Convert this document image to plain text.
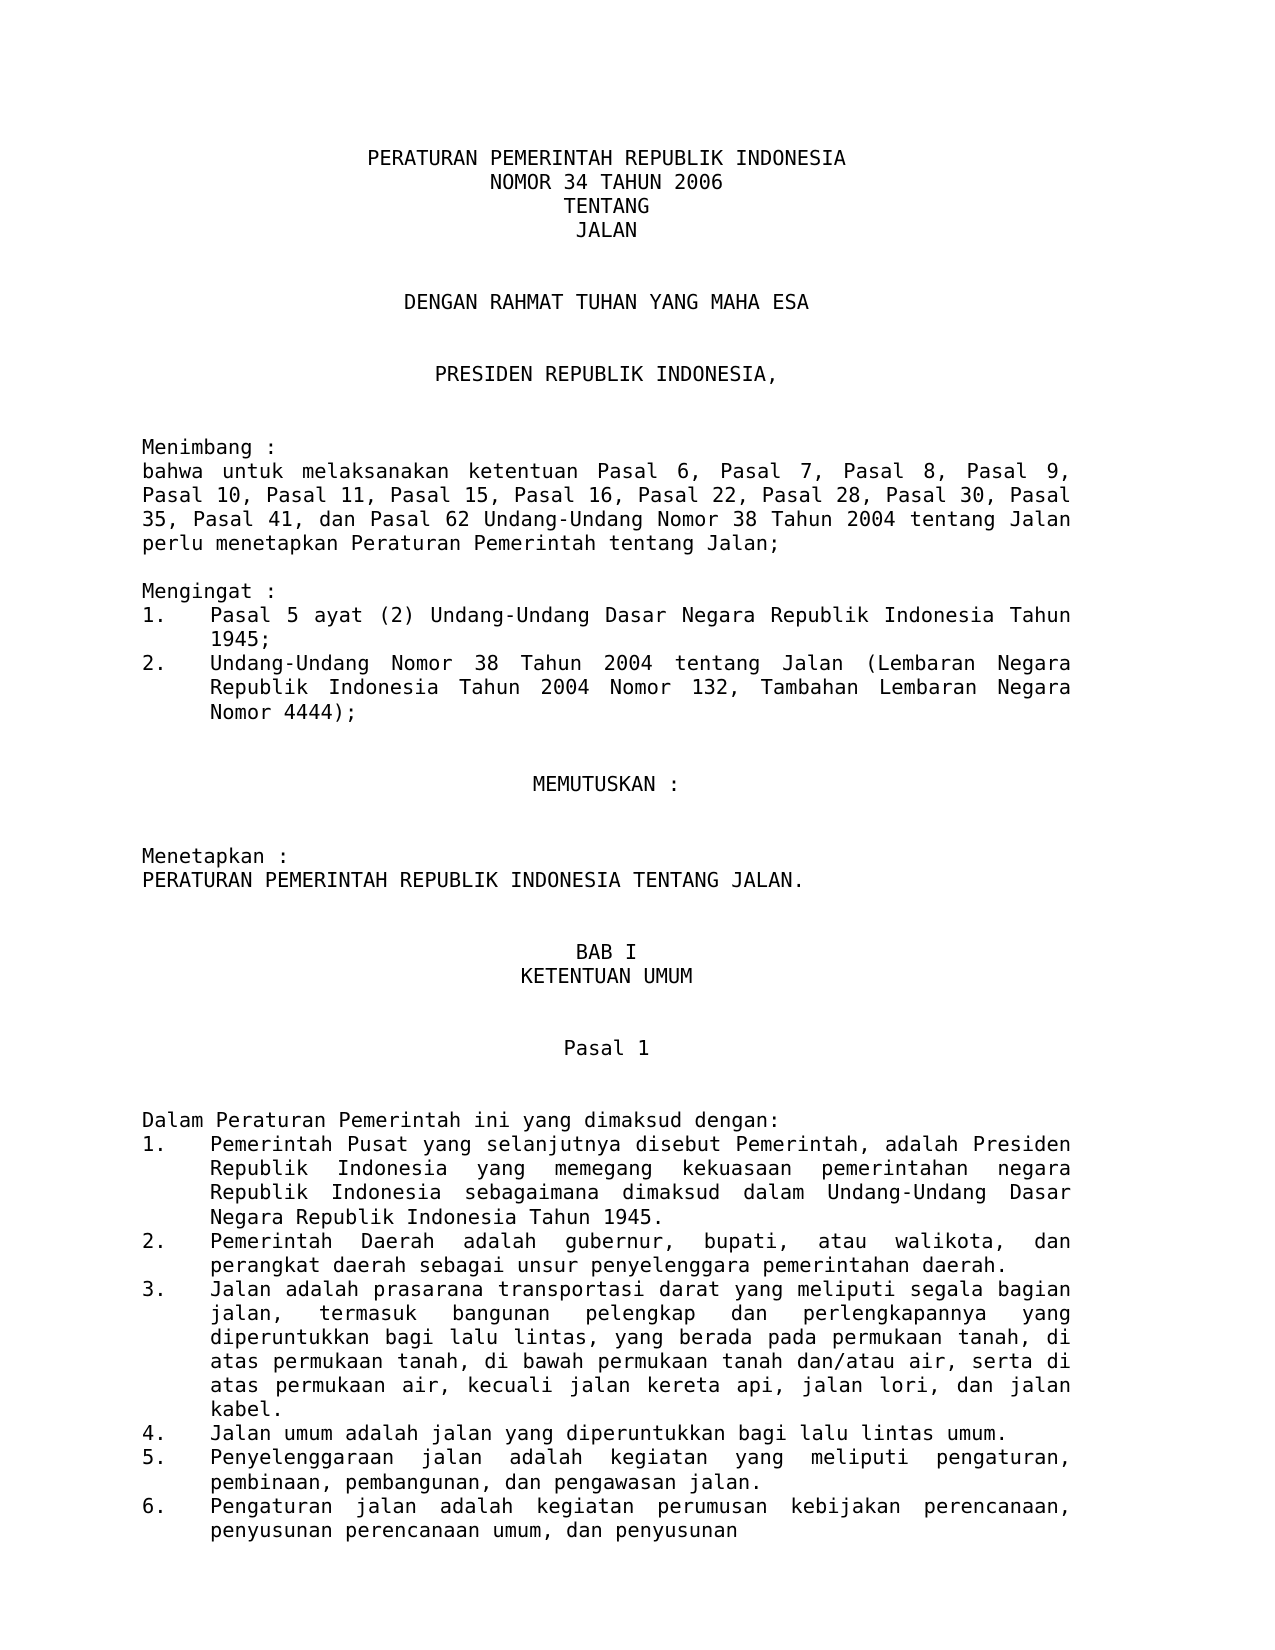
PERATURAN PEMERINTAH REPUBLIK INDONESIA
NOMOR 34 TAHUN 2006
TENTANG
JALAN
DENGAN RAHMAT TUHAN YANG MAHA ESA
PRESIDEN REPUBLIK INDONESIA,
Menimbang :

bahwa untuk melaksanakan ketentuan Pasal 6, Pasal 7, Pasal 8, Pasal 9, Pasal 10, Pasal 11, Pasal 15, Pasal 16, Pasal 22, Pasal 28, Pasal 30, Pasal 35, Pasal 41, dan Pasal 62 Undang-Undang Nomor 38 Tahun 2004 tentang Jalan perlu menetapkan Peraturan Pemerintah tentang Jalan;

Mengingat :
1.	Pasal 5 ayat (2) Undang-Undang Dasar Negara Republik Indonesia Tahun 1945;
2.	Undang-Undang Nomor 38 Tahun 2004 tentang Jalan (Lembaran Negara Republik Indonesia Tahun 2004 Nomor 132, Tambahan Lembaran Negara Nomor 4444);
MEMUTUSKAN :
Menetapkan :
PERATURAN PEMERINTAH REPUBLIK INDONESIA TENTANG JALAN.
BAB I
KETENTUAN UMUM
Pasal 1
Dalam Peraturan Pemerintah ini yang dimaksud dengan:
1.	Pemerintah Pusat yang selanjutnya disebut Pemerintah, adalah Presiden Republik Indonesia yang memegang kekuasaan pemerintahan negara Republik Indonesia sebagaimana dimaksud dalam Undang-Undang Dasar Negara Republik Indonesia Tahun 1945.
2.	Pemerintah Daerah adalah gubernur, bupati, atau walikota, dan perangkat daerah sebagai unsur penyelenggara pemerintahan daerah.
3.	Jalan adalah prasarana transportasi darat yang meliputi segala bagian jalan, termasuk bangunan pelengkap dan perlengkapannya yang diperuntukkan bagi lalu lintas, yang berada pada permukaan tanah, di atas permukaan tanah, di bawah permukaan tanah dan/atau air, serta di atas permukaan air, kecuali jalan kereta api, jalan lori, dan jalan kabel.
4.	Jalan umum adalah jalan yang diperuntukkan bagi lalu lintas umum.
5.	Penyelenggaraan jalan adalah kegiatan yang meliputi pengaturan, pembinaan, pembangunan, dan pengawasan jalan.
6.	Pengaturan jalan adalah kegiatan perumusan kebijakan perencanaan, penyusunan perencanaan umum, dan penyusunan
